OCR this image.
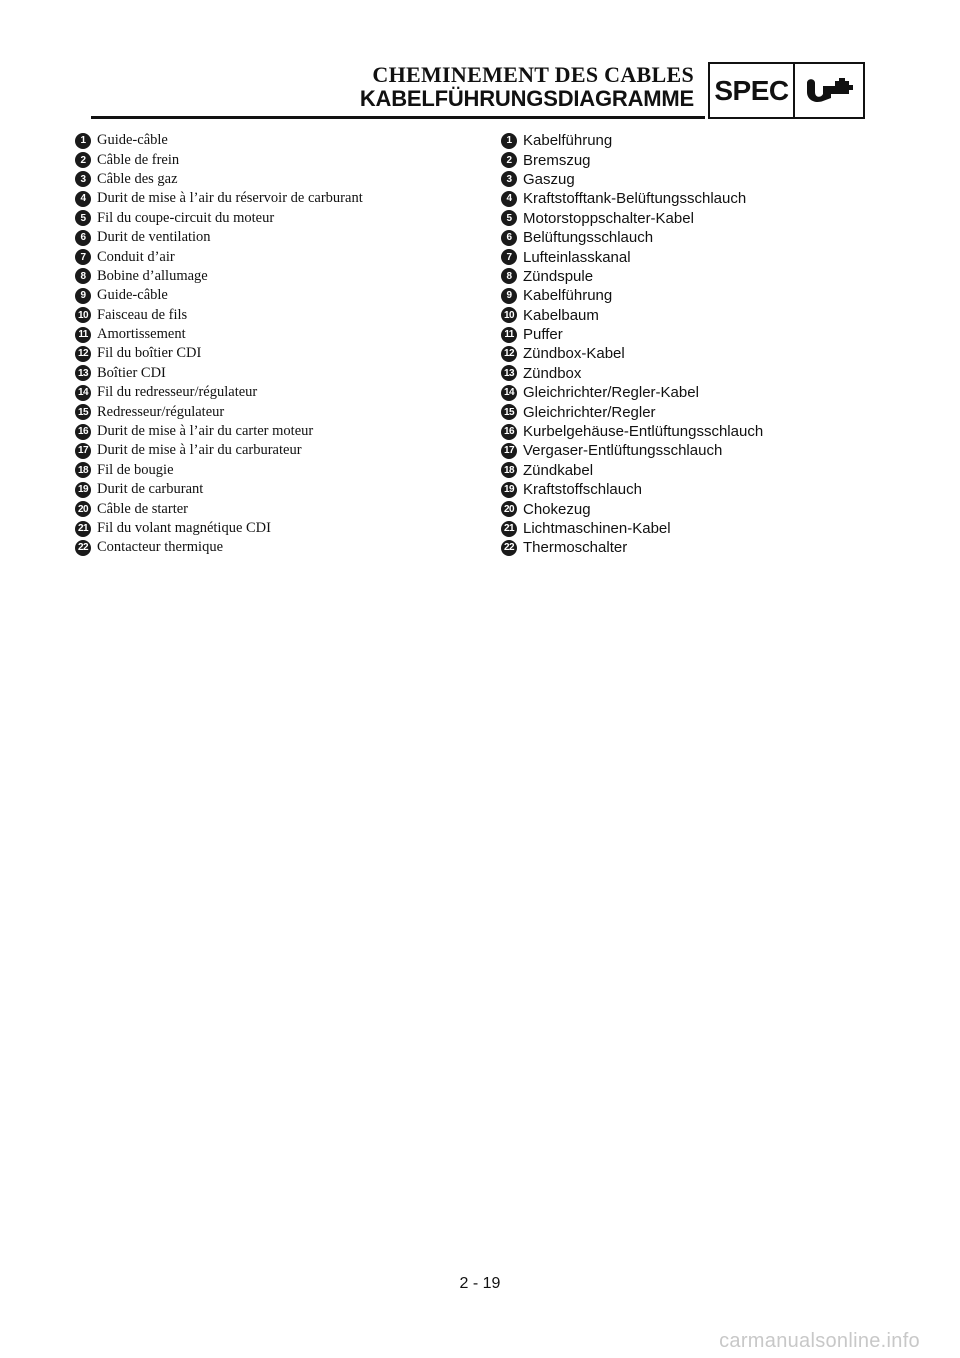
CHEMINEMENT DES CABLES
KABELFÜHRUNGSDIAGRAMME SPEC
1 Guide-câble
2 Câble de frein
3 Câble des gaz
4 Durit de mise à l’air du réservoir de carburant
5 Fil du coupe-circuit du moteur
6 Durit de ventilation
7 Conduit d’air
8 Bobine d’allumage
9 Guide-câble
10 Faisceau de fils
11 Amortissement
12 Fil du boîtier CDI
13 Boîtier CDI
14 Fil du redresseur/régulateur
15 Redresseur/régulateur
16 Durit de mise à l’air du carter moteur
17 Durit de mise à l’air du carburateur
18 Fil de bougie
19 Durit de carburant
20 Câble de starter
21 Fil du volant magnétique CDI
22 Contacteur thermique
1 Kabelführung
2 Bremszug
3 Gaszug
4 Kraftstofftank-Belüftungsschlauch
5 Motorstoppschalter-Kabel
6 Belüftungsschlauch
7 Lufteinlasskanal
8 Zündspule
9 Kabelführung
10 Kabelbaum
11 Puffer
12 Zündbox-Kabel
13 Zündbox
14 Gleichrichter/Regler-Kabel
15 Gleichrichter/Regler
16 Kurbelgehäuse-Entlüftungsschlauch
17 Vergaser-Entlüftungsschlauch
18 Zündkabel
19 Kraftstoffschlauch
20 Chokezug
21 Lichtmaschinen-Kabel
22 Thermoschalter
2 - 19
carmanualsonline.info
